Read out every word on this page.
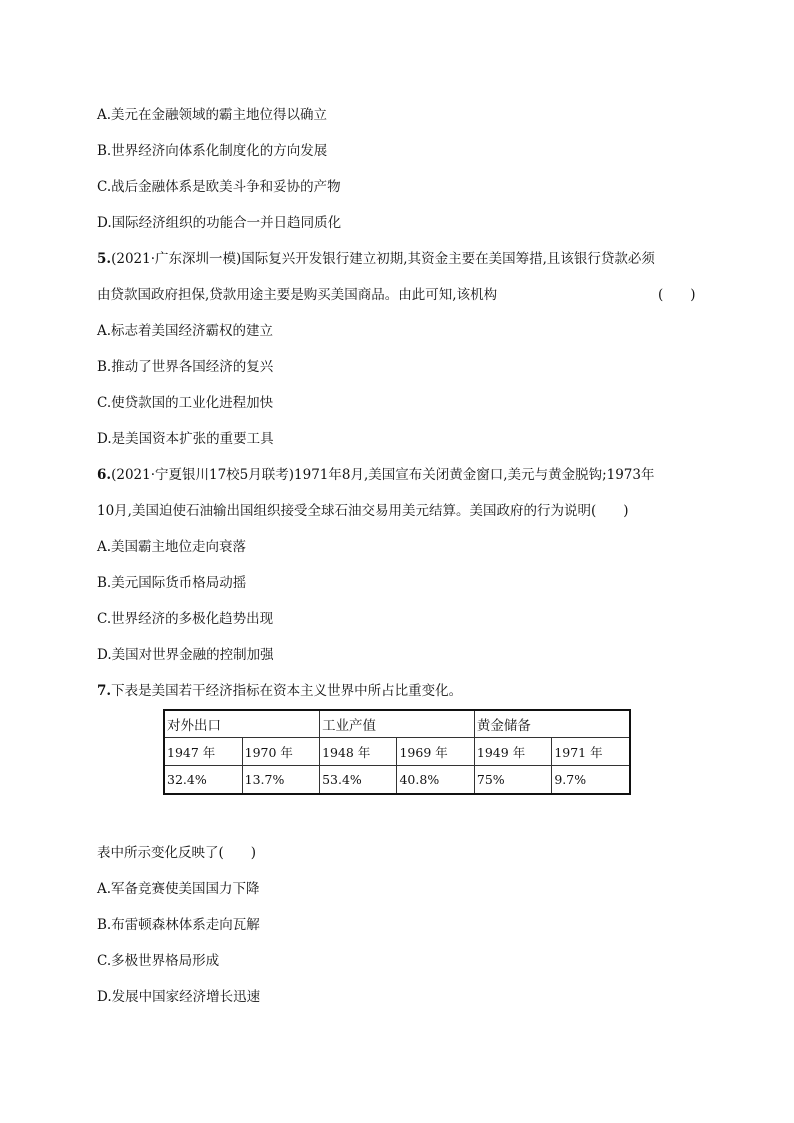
A.美元在金融领域的霸主地位得以确立
B.世界经济向体系化制度化的方向发展
C.战后金融体系是欧美斗争和妥协的产物
D.国际经济组织的功能合一并日趋同质化
5.(2021·广东深圳一模)国际复兴开发银行建立初期,其资金主要在美国筹措,且该银行贷款必须
由贷款国政府担保,贷款用途主要是购买美国商品。由此可知,该机构	(　　)
A.标志着美国经济霸权的建立
B.推动了世界各国经济的复兴
C.使贷款国的工业化进程加快
D.是美国资本扩张的重要工具
6.(2021·宁夏银川17校5月联考)1971年8月,美国宣布关闭黄金窗口,美元与黄金脱钩;1973年
10月,美国迫使石油输出国组织接受全球石油交易用美元结算。美国政府的行为说明(　　)
A.美国霸主地位走向衰落
B.美元国际货币格局动摇
C.世界经济的多极化趋势出现
D.美国对世界金融的控制加强
7.下表是美国若干经济指标在资本主义世界中所占比重变化。
对外出口		工业产值		黄金储备	
1947 年	1970 年	1948 年	1969 年	1949 年	1971 年
32.4%	13.7%	53.4%	40.8%	75%	9.7%
表中所示变化反映了(　　)
A.军备竞赛使美国国力下降
B.布雷顿森林体系走向瓦解
C.多极世界格局形成
D.发展中国家经济增长迅速
